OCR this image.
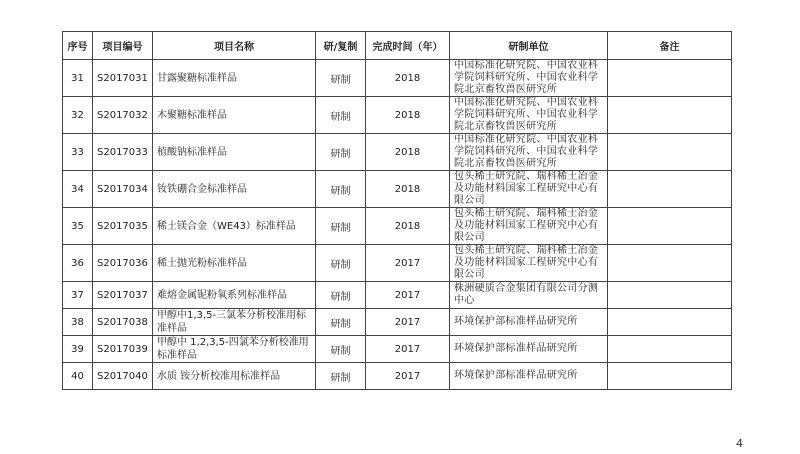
序号	项目编号	项目名称	研/复制	完成时间（年）	研制单位	备注
31	S2017031	甘露聚糖标准样品	研制	2018	中国标准化研究院、中国农业科学院饲料研究所、中国农业科学院北京畜牧兽医研究所	
32	S2017032	木聚糖标准样品	研制	2018	中国标准化研究院、中国农业科学院饲料研究所、中国农业科学院北京畜牧兽医研究所	
33	S2017033	植酸钠标准样品	研制	2018	中国标准化研究院、中国农业科学院饲料研究所、中国农业科学院北京畜牧兽医研究所	
34	S2017034	钕铁硼合金标准样品	研制	2018	包头稀土研究院、瑞科稀土冶金及功能材料国家工程研究中心有限公司	
35	S2017035	稀土镁合金（WE43）标准样品	研制	2018	包头稀土研究院、瑞科稀土冶金及功能材料国家工程研究中心有限公司	
36	S2017036	稀土抛光粉标准样品	研制	2017	包头稀土研究院、瑞科稀土冶金及功能材料国家工程研究中心有限公司	
37	S2017037	难熔金属铌粉氧系列标准样品	研制	2017	株洲硬质合金集团有限公司分测中心	
38	S2017038	甲醇中1,3,5-三氯苯分析校准用标准样品	研制	2017	环境保护部标准样品研究所	
39	S2017039	甲醇中 1,2,3,5-四氯苯分析校准用标准样品	研制	2017	环境保护部标准样品研究所	
40	S2017040	水质 铵分析校准用标准样品	研制	2017	环境保护部标准样品研究所	
4
